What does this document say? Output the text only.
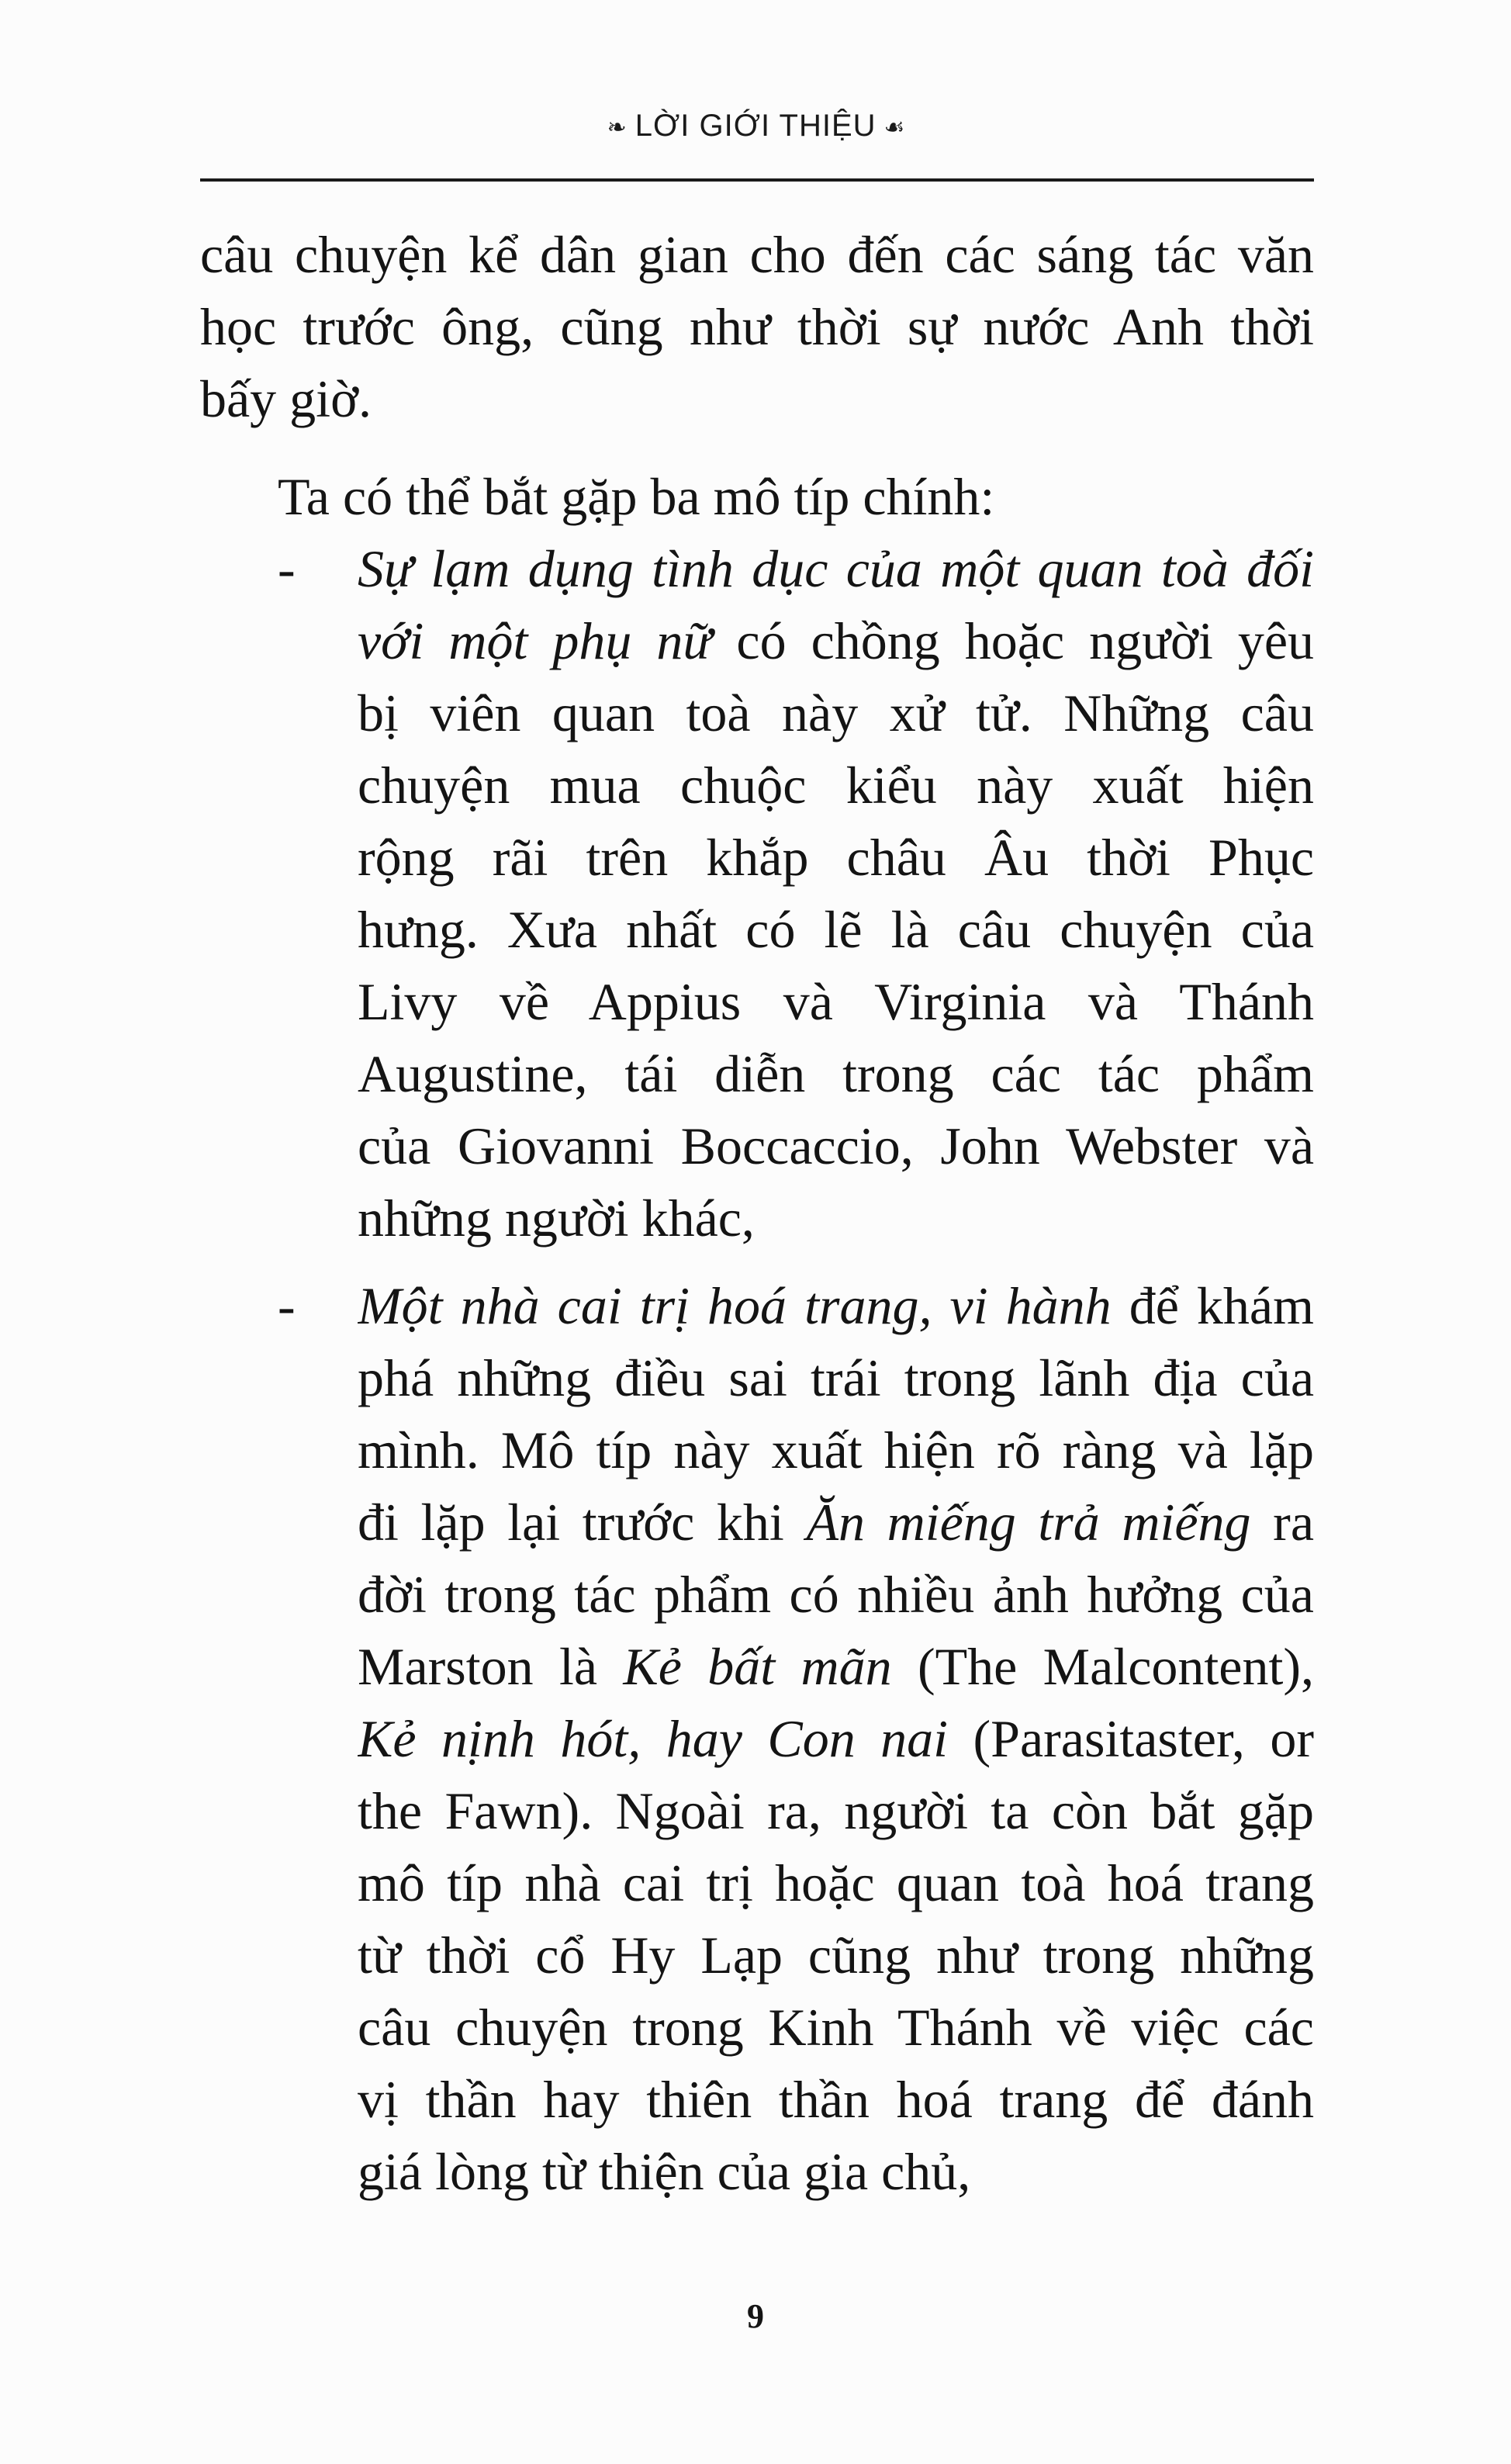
❧ LỜI GIỚI THIỆU ☙
câu chuyện kể dân gian cho đến các sáng tác văn
học trước ông, cũng như thời sự nước Anh thời
bấy giờ.
Ta có thể bắt gặp ba mô típ chính:
- Sự lạm dụng tình dục của một quan toà đối
với một phụ nữ có chồng hoặc người yêu
bị viên quan toà này xử tử. Những câu
chuyện mua chuộc kiểu này xuất hiện
rộng rãi trên khắp châu Âu thời Phục
hưng. Xưa nhất có lẽ là câu chuyện của
Livy về Appius và Virginia và Thánh
Augustine, tái diễn trong các tác phẩm
của Giovanni Boccaccio, John Webster và
những người khác,
- Một nhà cai trị hoá trang, vi hành để khám
phá những điều sai trái trong lãnh địa của
mình. Mô típ này xuất hiện rõ ràng và lặp
đi lặp lại trước khi Ăn miếng trả miếng ra
đời trong tác phẩm có nhiều ảnh hưởng của
Marston là Kẻ bất mãn (The Malcontent),
Kẻ nịnh hót, hay Con nai (Parasitaster, or
the Fawn). Ngoài ra, người ta còn bắt gặp
mô típ nhà cai trị hoặc quan toà hoá trang
từ thời cổ Hy Lạp cũng như trong những
câu chuyện trong Kinh Thánh về việc các
vị thần hay thiên thần hoá trang để đánh
giá lòng từ thiện của gia chủ,
9
